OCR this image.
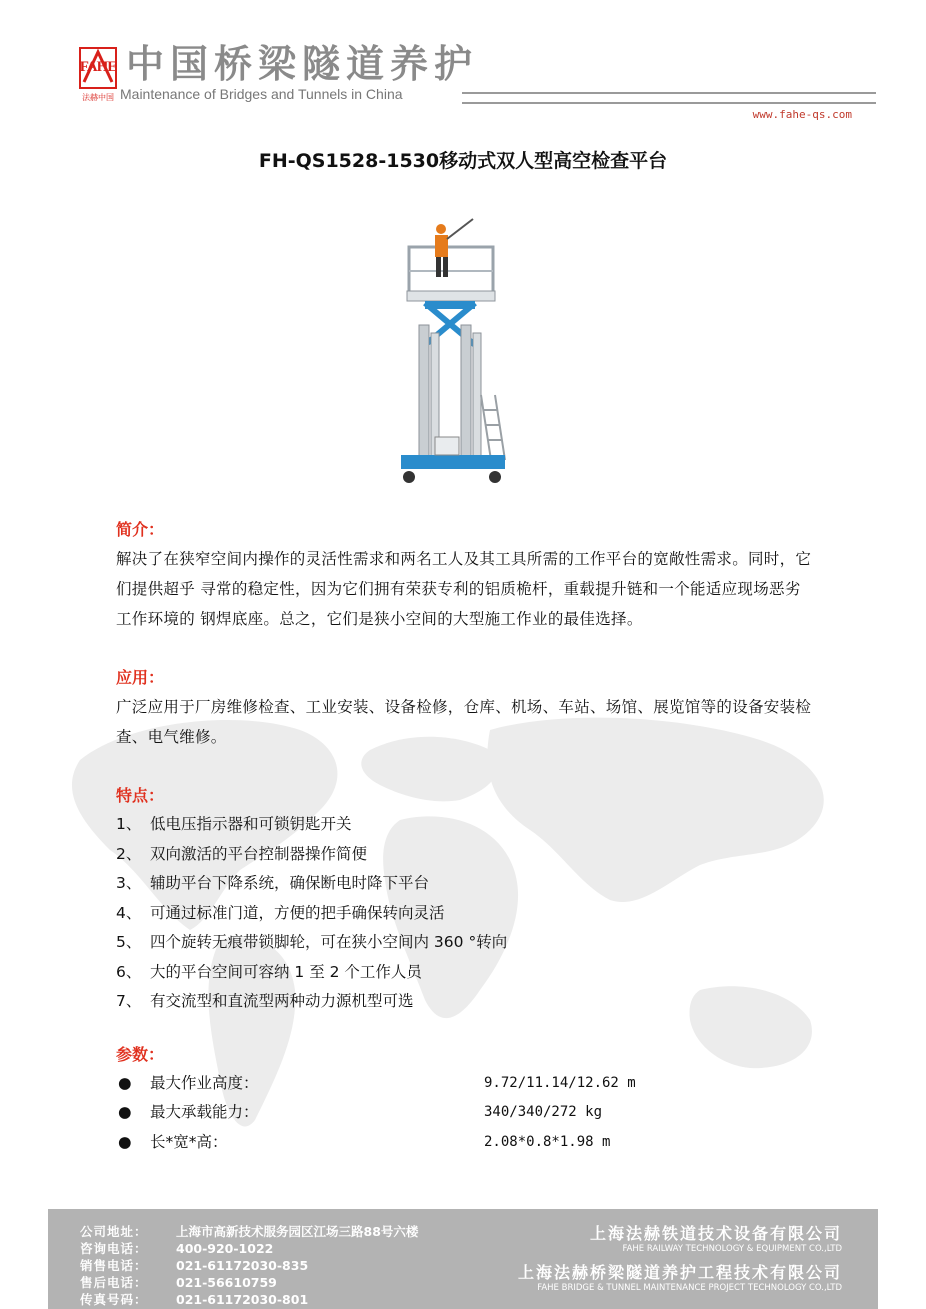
FAHE
法赫中国
中国桥梁隧道养护
Maintenance of Bridges and Tunnels in China
www.fahe-qs.com
FH-QS1528-1530移动式双人型高空检查平台

简介：

解决了在狭窄空间内操作的灵活性需求和两名工人及其工具所需的工作平台的宽敞性需求。同时，它们提供超乎 寻常的稳定性，因为它们拥有荣获专利的铝质桅杆，重载提升链和一个能适应现场恶劣工作环境的 钢焊底座。总之，它们是狭小空间的大型施工作业的最佳选择。

应用：

广泛应用于厂房维修检查、工业安装、设备检修，仓库、机场、车站、场馆、展览馆等的设备安装检查、电气维修。

特点：

1、 低电压指示器和可锁钥匙开关
2、 双向激活的平台控制器操作简便
3、 辅助平台下降系统，确保断电时降下平台
4、 可通过标准门道，方便的把手确保转向灵活
5、 四个旋转无痕带锁脚轮，可在狭小空间内 360 °转向
6、 大的平台空间可容纳 1 至 2 个工作人员
7、 有交流型和直流型两种动力源机型可选

参数：

● 最大作业高度：	9.72/11.14/12.62 m
● 最大承载能力：	340/340/272 kg
● 长*宽*高：	2.08*0.8*1.98 m
公司地址： 上海市高新技术服务园区江场三路88号六楼
咨询电话： 400-920-1022
销售电话： 021-61172030-835
售后电话： 021-56610759
传真号码： 021-61172030-801
上海法赫铁道技术设备有限公司
FAHE RAILWAY TECHNOLOGY & EQUIPMENT CO.,LTD
上海法赫桥梁隧道养护工程技术有限公司
FAHE BRIDGE & TUNNEL MAINTENANCE PROJECT TECHNOLOGY CO.,LTD
